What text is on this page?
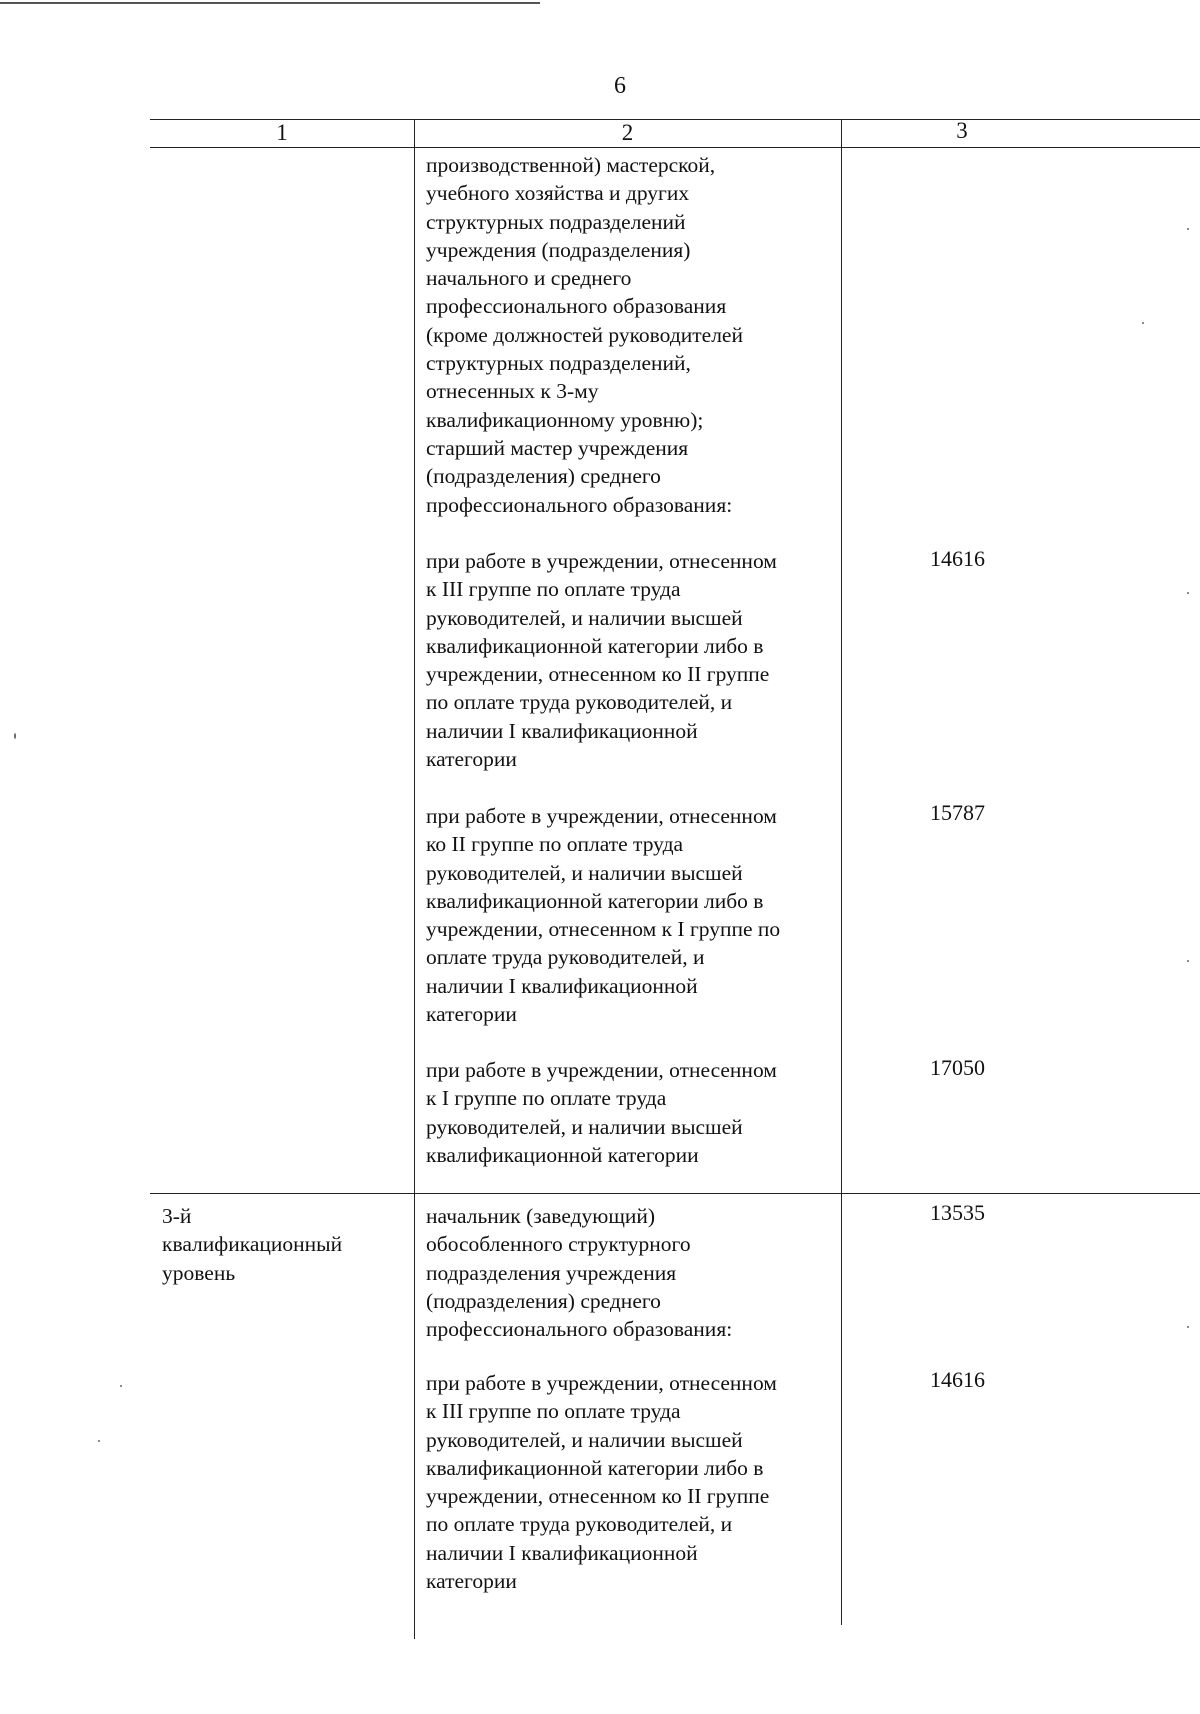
6
1	2	3

производственной) мастерской,
учебного хозяйства и других
структурных подразделений
учреждения (подразделения)
начального и среднего
профессионального образования
(кроме должностей руководителей
структурных подразделений,
отнесенных к 3-му
квалификационному уровню);
старший мастер учреждения
(подразделения) среднего
профессионального образования:

при работе в учреждении, отнесенном
к III группе по оплате труда
руководителей, и наличии высшей
квалификационной категории либо в
учреждении, отнесенном ко II группе
по оплате труда руководителей, и
наличии I квалификационной
категории

14616

при работе в учреждении, отнесенном
ко II группе по оплате труда
руководителей, и наличии высшей
квалификационной категории либо в
учреждении, отнесенном к I группе по
оплате труда руководителей, и
наличии I квалификационной
категории

15787

при работе в учреждении, отнесенном
к I группе по оплате труда
руководителей, и наличии высшей
квалификационной категории

17050

3-й
квалификационный
уровень

начальник (заведующий)
обособленного структурного
подразделения учреждения
(подразделения) среднего
профессионального образования:

13535

при работе в учреждении, отнесенном
к III группе по оплате труда
руководителей, и наличии высшей
квалификационной категории либо в
учреждении, отнесенном ко II группе
по оплате труда руководителей, и
наличии I квалификационной
категории

14616
